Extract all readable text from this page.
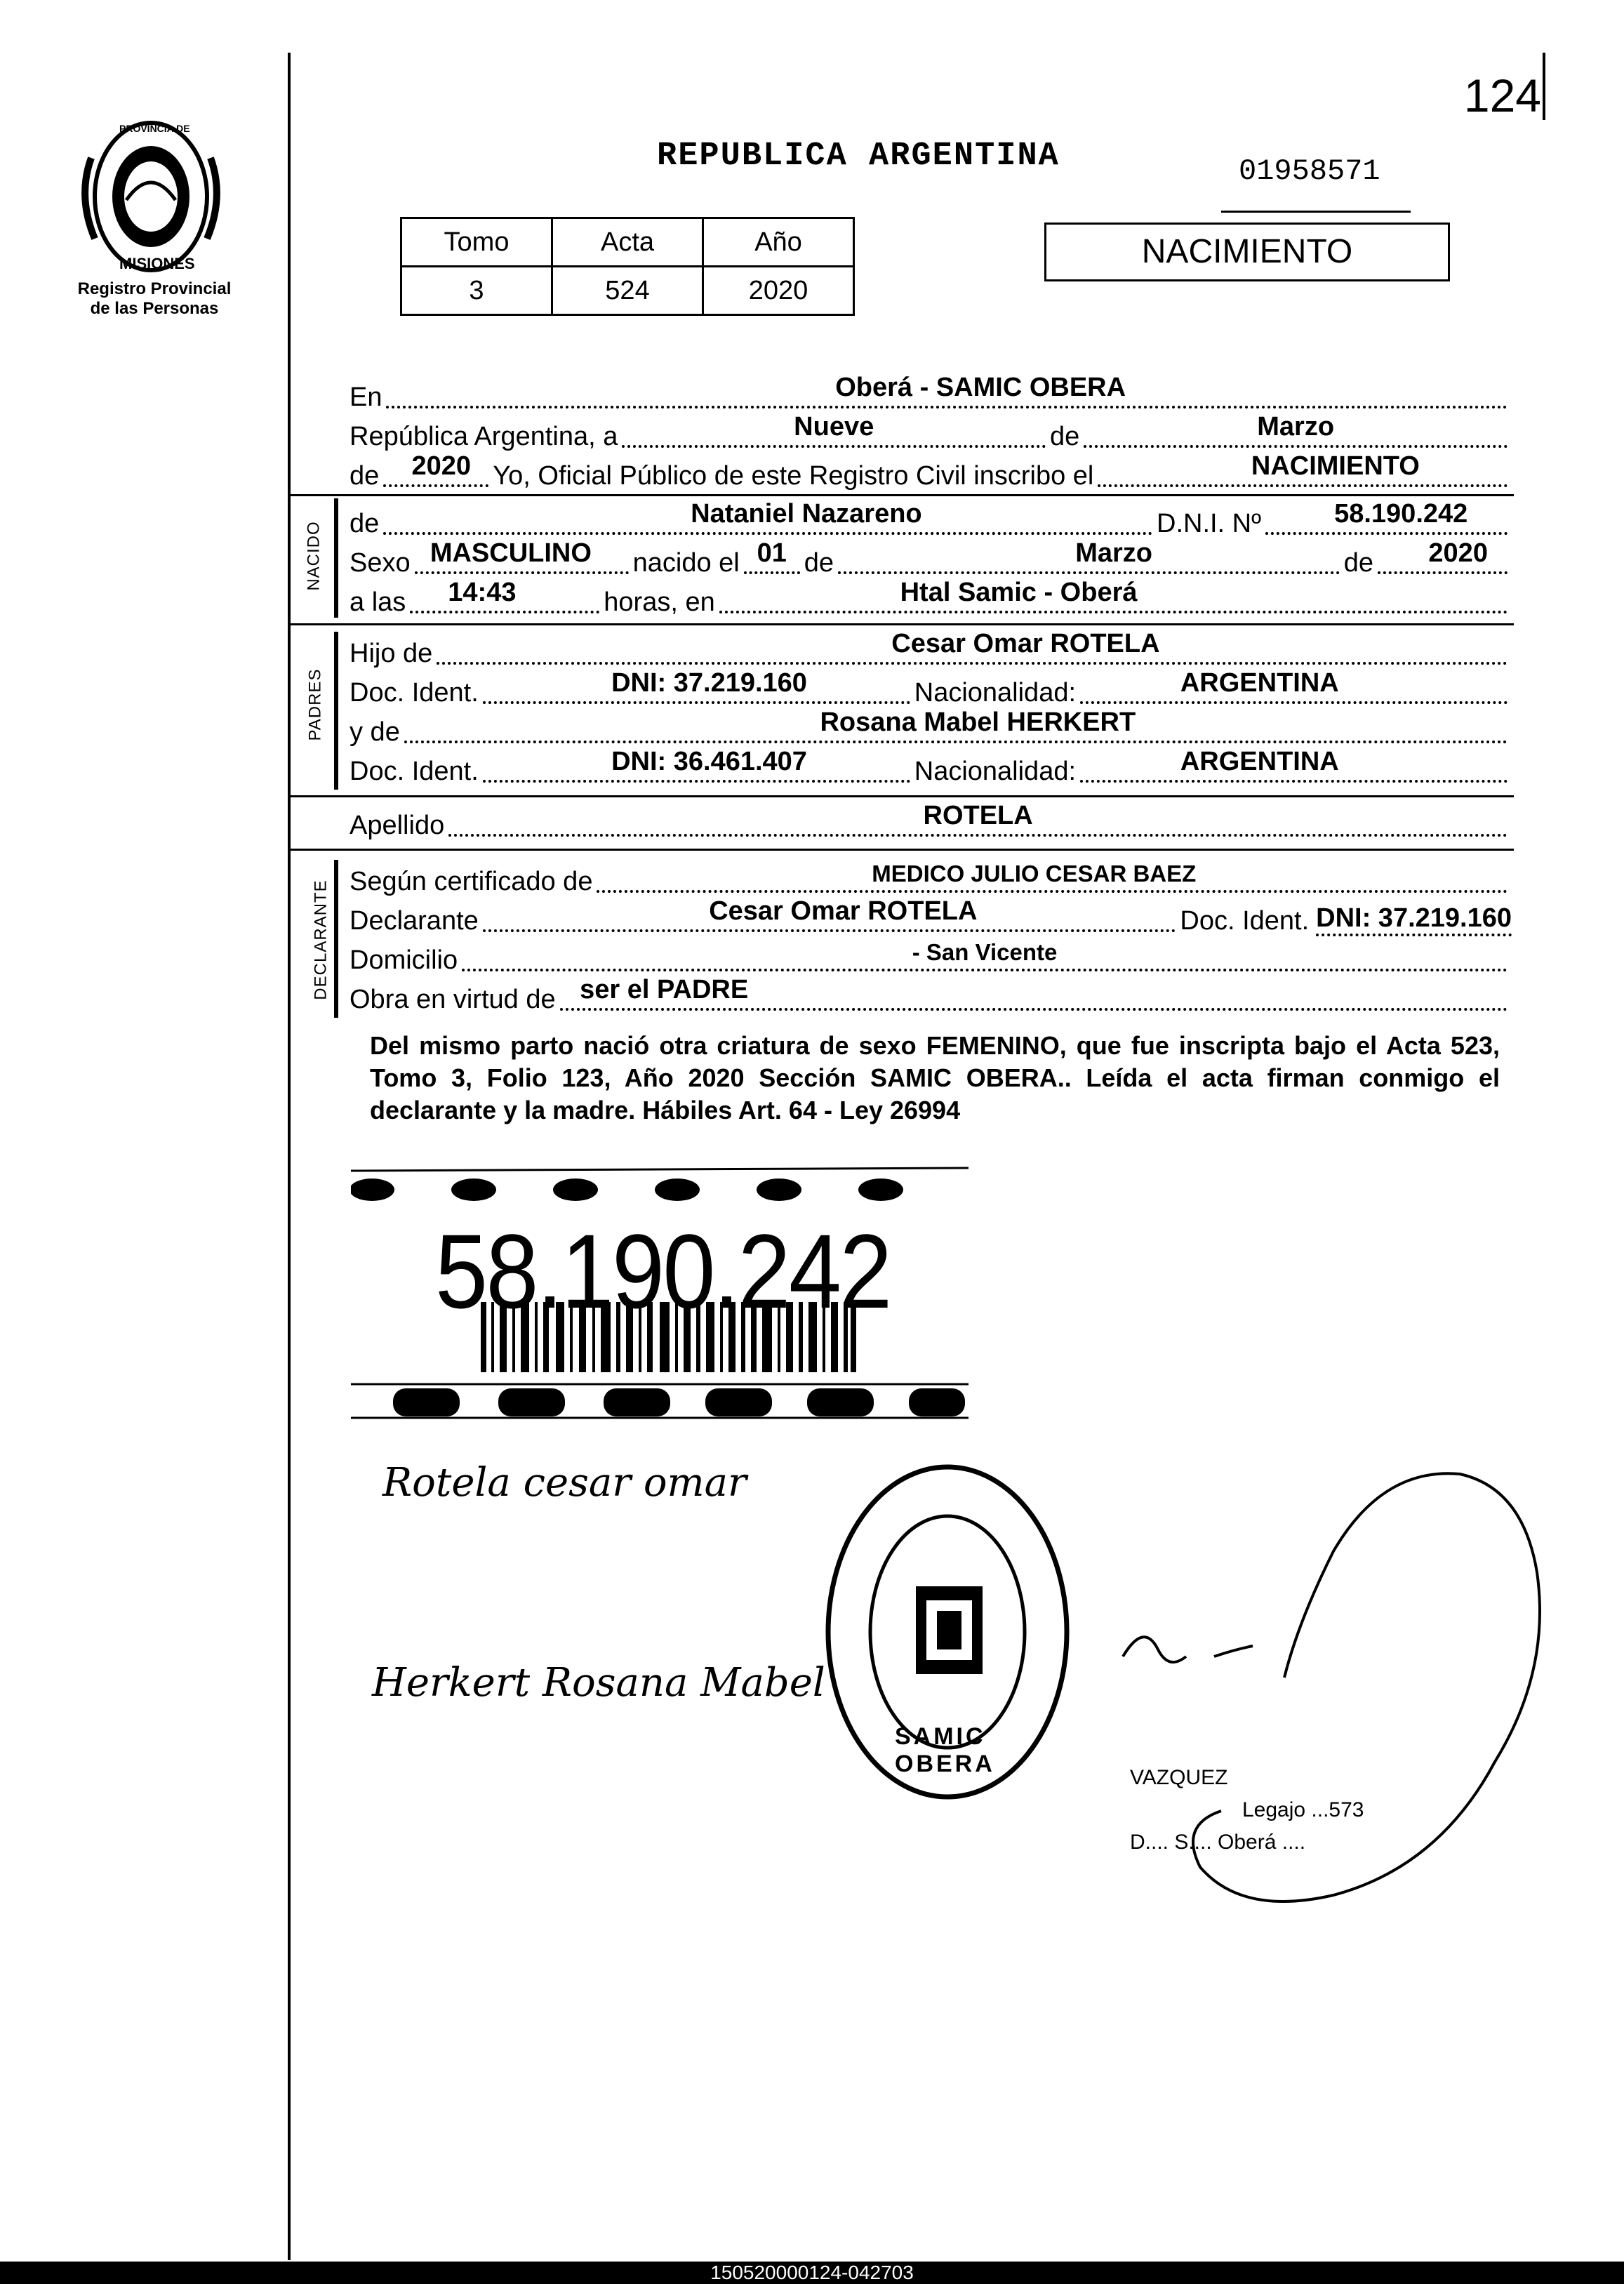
PROVINCIA DE
MISIONES
Registro Provincial
de las Personas
124
REPUBLICA ARGENTINA	01958571
Tomo	Acta	Año
3	524	2020
NACIMIENTO
En	Oberá - SAMIC OBERA
República Argentina, a	Nueve	de	Marzo
de 2020 Yo, Oficial Público de este Registro Civil inscribo el	NACIMIENTO
NACIDO de	Nataniel Nazareno	D.N.I. Nº	58.190.242
Sexo MASCULINO nacido el 01 de	Marzo	de 2020
a las 14:43	horas, en	Htal Samic - Oberá
PADRES
Hijo de	Cesar Omar ROTELA
Doc. Ident.	DNI: 37.219.160	Nacionalidad:	ARGENTINA
y de	Rosana Mabel HERKERT
Doc. Ident.	DNI: 36.461.407	Nacionalidad:	ARGENTINA
Apellido	ROTELA
DECLARANTE Según certificado de	MEDICO JULIO CESAR BAEZ
Declarante	Cesar Omar ROTELA	Doc. Ident. DNI: 37.219.160
Domicilio	- San Vicente
Obra en virtud de ser el PADRE
Del mismo parto nació otra criatura de sexo FEMENINO, que fue inscripta bajo el Acta 523, Tomo 3, Folio 123, Año 2020 Sección SAMIC OBERA.. Leída el acta firman conmigo el declarante y la madre. Hábiles Art. 64 - Ley 26994
58.190.242
Rotela cesar omar
Herkert Rosana Mabel
SAMIC OBERA
VAZQUEZ
Legajo ...573
D.... S.... Oberá ....
150520000124-042703
